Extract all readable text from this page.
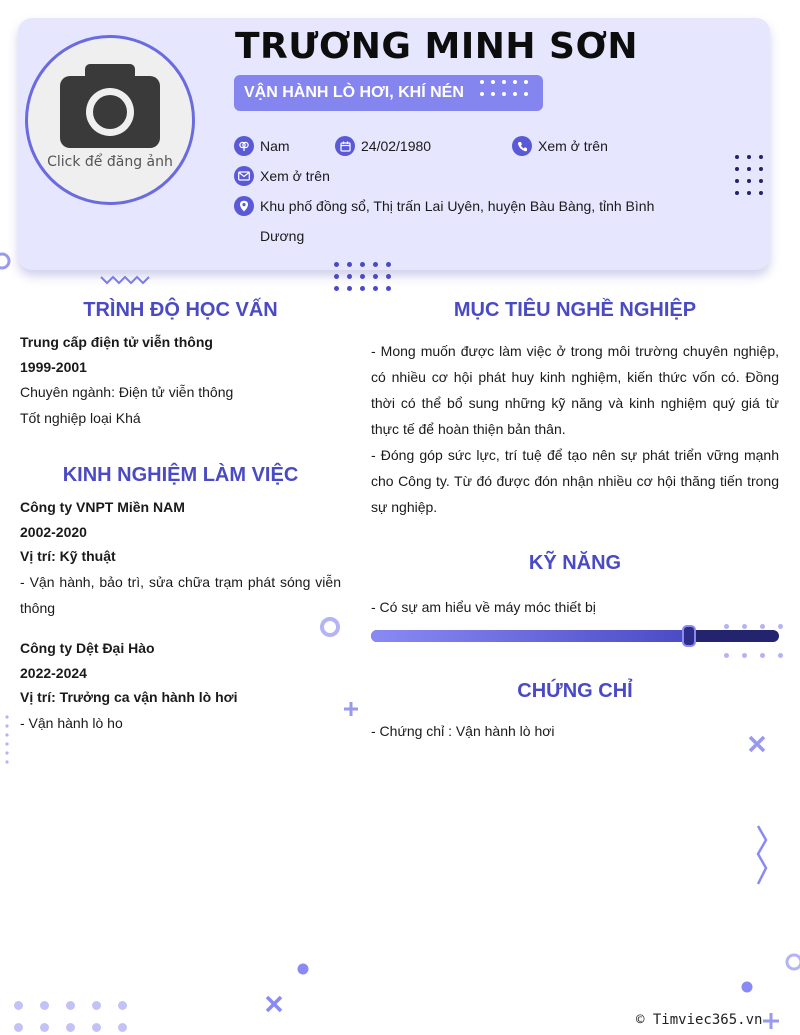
Click để đăng ảnh
TRƯƠNG MINH SƠN
VẬN HÀNH LÒ HƠI, KHÍ NÉN
Nam	24/02/1980	Xem ở trên
Xem ở trên
Khu phố đồng sổ, Thị trấn Lai Uyên, huyện Bàu Bàng, tỉnh Bình Dương
TRÌNH ĐỘ HỌC VẤN
Trung cấp điện tử viễn thông
1999-2001
Chuyên ngành: Điện tử viễn thông
Tốt nghiệp loại Khá
KINH NGHIỆM LÀM VIỆC
Công ty VNPT Miền NAM
2002-2020
Vị trí: Kỹ thuật
- Vận hành, bảo trì, sửa chữa trạm phát sóng viễn thông
Công ty Dệt Đại Hào
2022-2024
Vị trí: Trưởng ca vận hành lò hơi
- Vận hành lò ho
MỤC TIÊU NGHỀ NGHIỆP
- Mong muốn được làm việc ở trong môi trường chuyên nghiệp, có nhiều cơ hội phát huy kinh nghiệm, kiến thức vốn có. Đồng thời có thể bổ sung những kỹ năng và kinh nghiệm quý giá từ thực tế để hoàn thiện bản thân.
- Đóng góp sức lực, trí tuệ để tạo nên sự phát triển vững mạnh cho Công ty. Từ đó được đón nhận nhiều cơ hội thăng tiến trong sự nghiệp.
KỸ NĂNG
- Có sự am hiểu về máy móc thiết bị
CHỨNG CHỈ
- Chứng chỉ : Vận hành lò hơi
© Timviec365.vn
